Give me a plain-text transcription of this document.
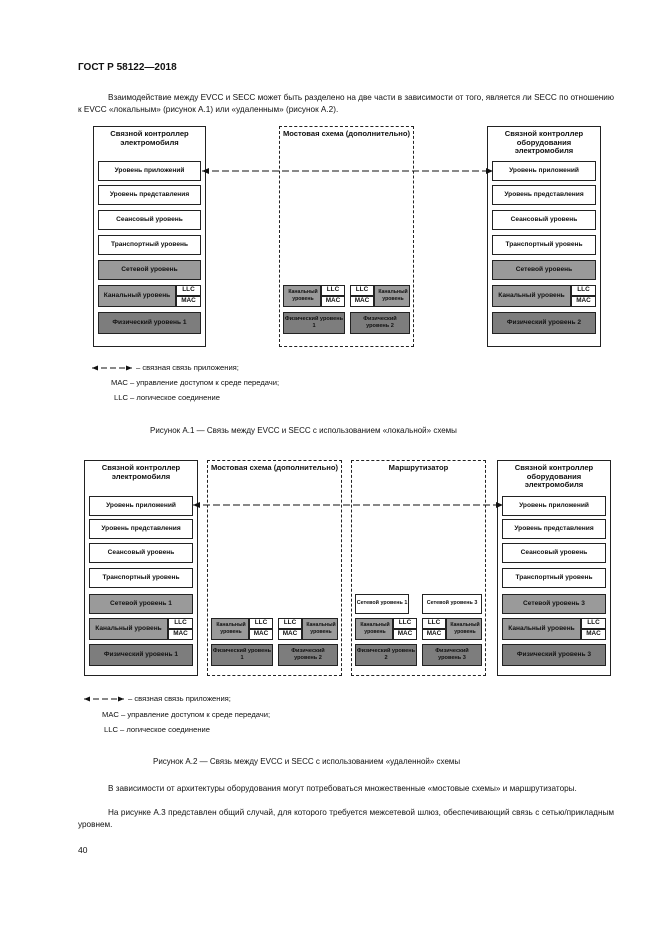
ГОСТ Р 58122—2018
Взаимодействие между EVCC и SECC может быть разделено на две части в зависимости от того, является ли SECC по отношению к EVCC «локальным» (рисунок A.1) или «удаленным» (рисунок A.2).
Связной контроллер электромобиля
Уровень приложений
Уровень представления
Сеансовый уровень
Транспортный уровень
Сетевой уровень
Канальный уровень
LLC
MAC
Физический уровень 1
Мостовая схема (дополнительно)
Канальный уровень
LLC
MAC
LLC
MAC
Канальный уровень
Физический уровень 1
Физический уровень 2
Связной контроллер оборудования электромобиля
Уровень приложений
Уровень представления
Сеансовый уровень
Транспортный уровень
Сетевой уровень
Канальный уровень
LLC
MAC
Физический уровень 2
– связная связь приложения;
MAC – управление доступом к среде передачи;
LLC – логическое соединение
Рисунок A.1 — Связь между EVCC и SECC с использованием «локальной» схемы
Связной контроллер электромобиля
Уровень приложений
Уровень представления
Сеансовый уровень
Транспортный уровень
Сетевой уровень 1
Канальный уровень
LLC
MAC
Физический уровень 1
Мостовая схема (дополнительно)
Канальный уровень
LLC
MAC
LLC
MAC
Канальный уровень
Физический уровень 1
Физический уровень 2
Маршрутизатор
Сетевой уровень 1	Сетевой уровень 3
Канальный уровень
LLC
MAC
LLC
MAC
Канальный уровень
Физический уровень 2
Физический уровень 3
Связной контроллер оборудования электромобиля
Уровень приложений
Уровень представления
Сеансовый уровень
Транспортный уровень
Сетевой уровень 3
Канальный уровень
LLC
MAC
Физический уровень 3
– связная связь приложения;
MAC – управление доступом к среде передачи;
LLC – логическое соединение
Рисунок A.2 — Связь между EVCC и SECC с использованием «удаленной» схемы
В зависимости от архитектуры оборудования могут потребоваться множественные «мостовые схемы» и маршрутизаторы.
На рисунке A.3 представлен общий случай, для которого требуется межсетевой шлюз, обеспечивающий связь с сетью/прикладным уровнем.
40
